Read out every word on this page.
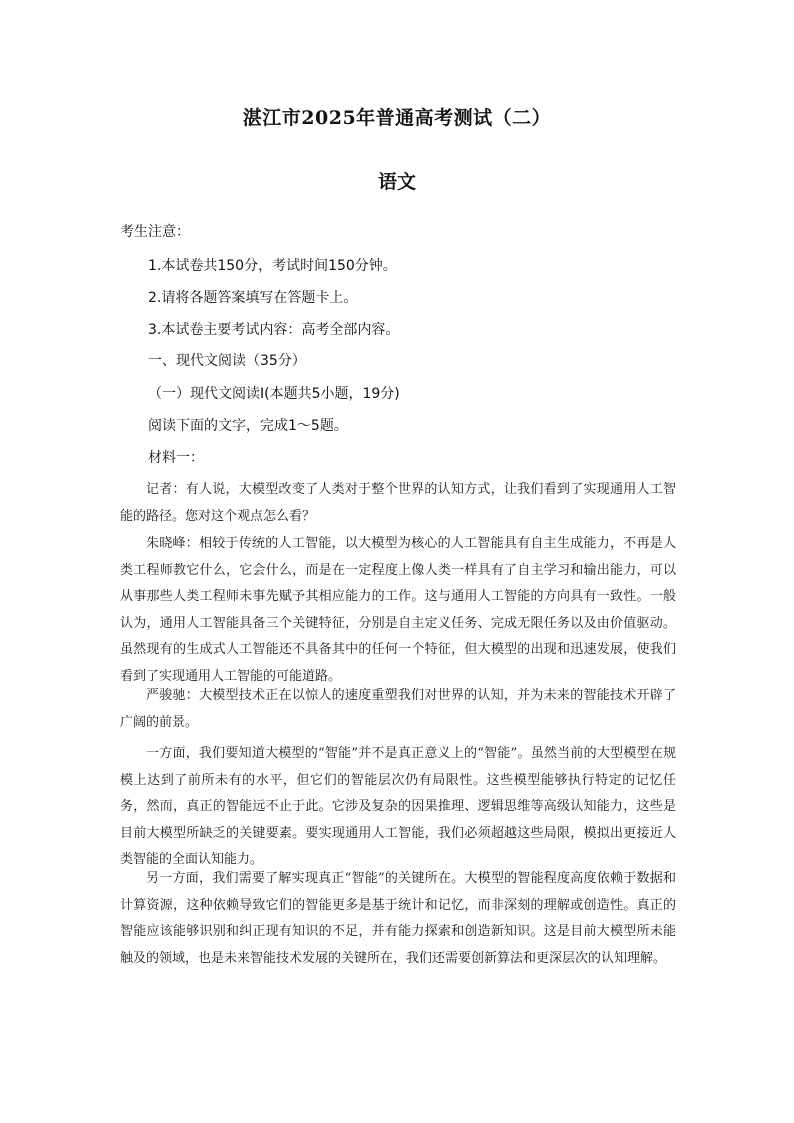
湛江市2025年普通高考测试（二）
语文
考生注意：
1.本试卷共150分，考试时间150分钟。
2.请将各题答案填写在答题卡上。
3.本试卷主要考试内容：高考全部内容。
一、现代文阅读（35分）
（一）现代文阅读Ⅰ(本题共5小题，19分)
阅读下面的文字，完成1～5题。
材料一：
记者：有人说，大模型改变了人类对于整个世界的认知方式，让我们看到了实现通用人工智能的路径。您对这个观点怎么看？
朱晓峰：相较于传统的人工智能，以大模型为核心的人工智能具有自主生成能力，不再是人类工程师教它什么，它会什么，而是在一定程度上像人类一样具有了自主学习和输出能力，可以从事那些人类工程师未事先赋予其相应能力的工作。这与通用人工智能的方向具有一致性。一般认为，通用人工智能具备三个关键特征，分别是自主定义任务、完成无限任务以及由价值驱动。虽然现有的生成式人工智能还不具备其中的任何一个特征，但大模型的出现和迅速发展，使我们看到了实现通用人工智能的可能道路。
严骏驰：大模型技术正在以惊人的速度重塑我们对世界的认知，并为未来的智能技术开辟了广阔的前景。
一方面，我们要知道大模型的“智能”并不是真正意义上的“智能”。虽然当前的大型模型在规模上达到了前所未有的水平，但它们的智能层次仍有局限性。这些模型能够执行特定的记忆任务，然而，真正的智能远不止于此。它涉及复杂的因果推理、逻辑思维等高级认知能力，这些是目前大模型所缺乏的关键要素。要实现通用人工智能，我们必须超越这些局限，模拟出更接近人类智能的全面认知能力。
另一方面，我们需要了解实现真正“智能”的关键所在。大模型的智能程度高度依赖于数据和计算资源，这种依赖导致它们的智能更多是基于统计和记忆，而非深刻的理解或创造性。真正的智能应该能够识别和纠正现有知识的不足，并有能力探索和创造新知识。这是目前大模型所未能触及的领域，也是未来智能技术发展的关键所在，我们还需要创新算法和更深层次的认知理解。
